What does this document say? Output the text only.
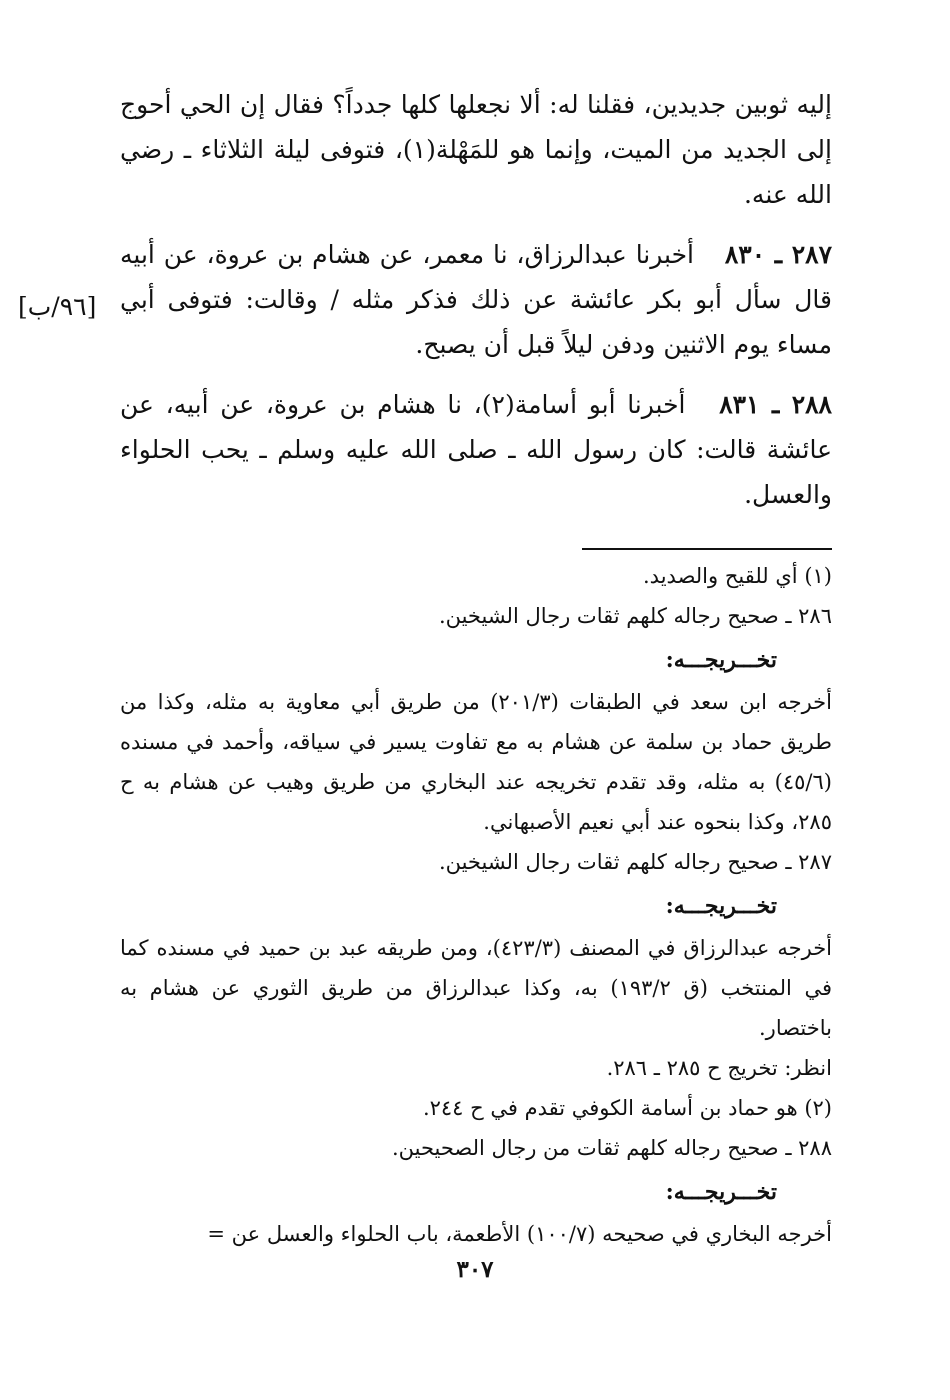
إليه ثوبين جديدين، فقلنا له: ألا نجعلها كلها جدداً؟ فقال إن الحي أحوج إلى الجديد من الميت، وإنما هو للمَهْلة(١)، فتوفى ليلة الثلاثاء ـ رضي الله عنه.

٢٨٧ ـ ٨٣٠ أخبرنا عبدالرزاق، نا معمر، عن هشام بن عروة، عن أبيه قال سأل أبو بكر عائشة عن ذلك فذكر مثله / وقالت: فتوفى أبي مساء يوم الاثنين ودفن ليلاً قبل أن يصبح.

٢٨٨ ـ ٨٣١ أخبرنا أبو أسامة(٢)، نا هشام بن عروة، عن أبيه، عن عائشة قالت: كان رسول الله ـ صلى الله عليه وسلم ـ يحب الحلواء والعسل.

[٩٦/ب]

(١) أي للقيح والصديد.

٢٨٦ ـ صحيح رجاله كلهم ثقات رجال الشيخين.

تخـــريجـــه:

أخرجه ابن سعد في الطبقات (٢٠١/٣) من طريق أبي معاوية به مثله، وكذا من طريق حماد بن سلمة عن هشام به مع تفاوت يسير في سياقه، وأحمد في مسنده (٤٥/٦) به مثله، وقد تقدم تخريجه عند البخاري من طريق وهيب عن هشام به ح ٢٨٥، وكذا بنحوه عند أبي نعيم الأصبهاني.

٢٨٧ ـ صحيح رجاله كلهم ثقات رجال الشيخين.

تخـــريجـــه:

أخرجه عبدالرزاق في المصنف (٤٢٣/٣)، ومن طريقه عبد بن حميد في مسنده كما في المنتخب (ق ١٩٣/٢) به، وكذا عبدالرزاق من طريق الثوري عن هشام به باختصار.

انظر: تخريج ح ٢٨٥ ـ ٢٨٦.

(٢) هو حماد بن أسامة الكوفي تقدم في ح ٢٤٤.

٢٨٨ ـ صحيح رجاله كلهم ثقات من رجال الصحيحين.

تخـــريجـــه:

أخرجه البخاري في صحيحه (١٠٠/٧) الأطعمة، باب الحلواء والعسل عن =

٣٠٧
